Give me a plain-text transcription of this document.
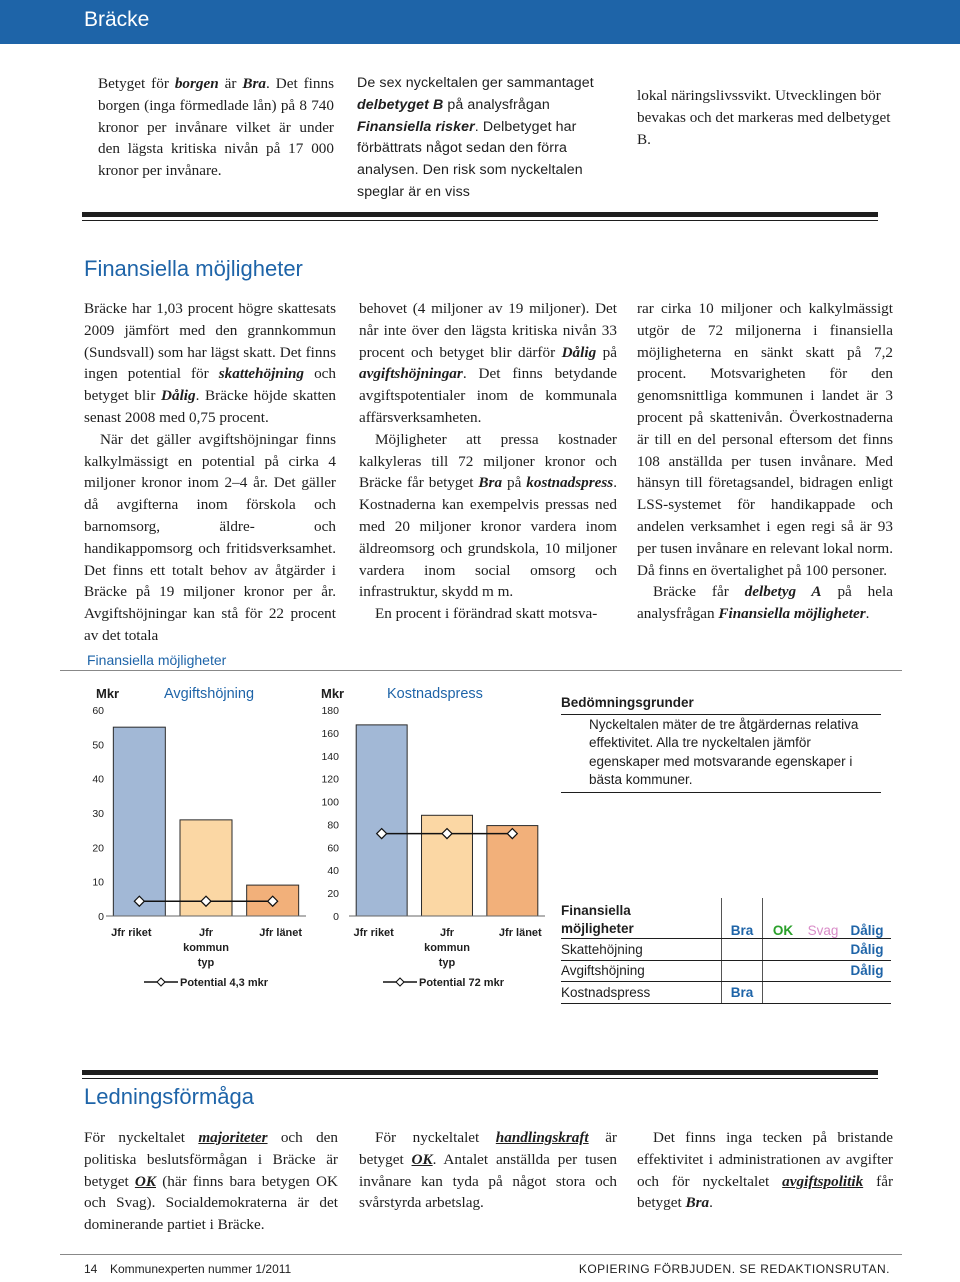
Bräcke

Betyget för borgen är Bra. Det finns borgen (inga förmedlade lån) på 8 740 kronor per invånare vilket är under den lägsta kritiska nivån på 17 000 kronor per invånare.

De sex nyckeltalen ger sammantaget delbetyget B på analysfrågan Finansiella risker. Delbetyget har förbättrats något sedan den förra analysen. Den risk som nyckeltalen speglar är en viss

lokal näringslivssvikt. Utvecklingen bör bevakas och det markeras med delbetyget B.

Finansiella möjligheter

Bräcke har 1,03 procent högre skattesats 2009 jämfört med den grannkommun (Sundsvall) som har lägst skatt. Det finns ingen potential för skattehöjning och betyget blir Dålig. Bräcke höjde skatten senast 2008 med 0,75 procent.

När det gäller avgiftshöjningar finns kalkylmässigt en potential på cirka 4 miljoner kronor inom 2–4 år. Det gäller då avgifterna inom förskola och barnomsorg, äldre- och handikappomsorg och fritidsverksamhet. Det finns ett totalt behov av åtgärder i Bräcke på 19 miljoner kronor per år. Avgiftshöjningar kan stå för 22 procent av det totala

behovet (4 miljoner av 19 miljoner). Det når inte över den lägsta kritiska nivån 33 procent och betyget blir därför Dålig på avgiftshöjningar. Det finns betydande avgiftspotentialer inom de kommunala affärsverksamheten.

Möjligheter att pressa kostnader kalkyleras till 72 miljoner kronor och Bräcke får betyget Bra på kostnadspress. Kostnaderna kan exempelvis pressas ned med 20 miljoner kronor vardera inom äldreomsorg och grundskola, 10 miljoner vardera inom social omsorg och infrastruktur, skydd m m.

En procent i förändrad skatt motsva-

rar cirka 10 miljoner och kalkylmässigt utgör de 72 miljonerna i finansiella möjligheterna en sänkt skatt på 7,2 procent. Motsvarigheten för den genomsnittliga kommunen i landet är 3 procent på skattenivån. Överkostnaderna är till en del personal eftersom det finns 108 anställda per tusen invånare. Med hänsyn till företagsandel, bidragen enligt LSS-systemet för handikappade och andelen verksamhet i egen regi så är 93 per tusen invånare en relevant lokal norm. Då finns en övertalighet på 100 personer.

Bräcke får delbetyg A på hela analysfrågan Finansiella möjligheter.

Finansiella möjligheter
Mkr	Avgiftshöjning
0
10
20
30
40
50
60
Jfr riket	Jfr
kommun
typ
Jfr länet
Potential 4,3 mkr
Mkr	Kostnadspress
0
20
40
60
80
100
120
140
160
180
Jfr riket	Jfr
kommun
typ
Jfr länet
Potential 72 mkr
Bedömningsgrunder
Nyckeltalen mäter de tre åtgärdernas relativa effektivitet. Alla tre nyckeltalen jämför egenskaper med motsvarande egenskaper i bästa kommuner.
Finansiella
möjligheter	Bra	OK	Svag	Dålig
Skattehöjning				Dålig
Avgiftshöjning				Dålig
Kostnadspress	Bra			
Ledningsförmåga

För nyckeltalet majoriteter och den politiska beslutsförmågan i Bräcke är betyget OK (här finns bara betygen OK och Svag). Socialdemokraterna är det dominerande partiet i Bräcke.

För nyckeltalet handlingskraft är betyget OK. Antalet anställda per tusen invånare kan tyda på något stora och svårstyrda arbetslag.

Det finns inga tecken på bristande effektivitet i administrationen av avgifter och för nyckeltalet avgiftspolitik får betyget Bra.

14 Kommunexperten nummer 1/2011	KOPIERING FÖRBJUDEN. SE REDAKTIONSRUTAN.
